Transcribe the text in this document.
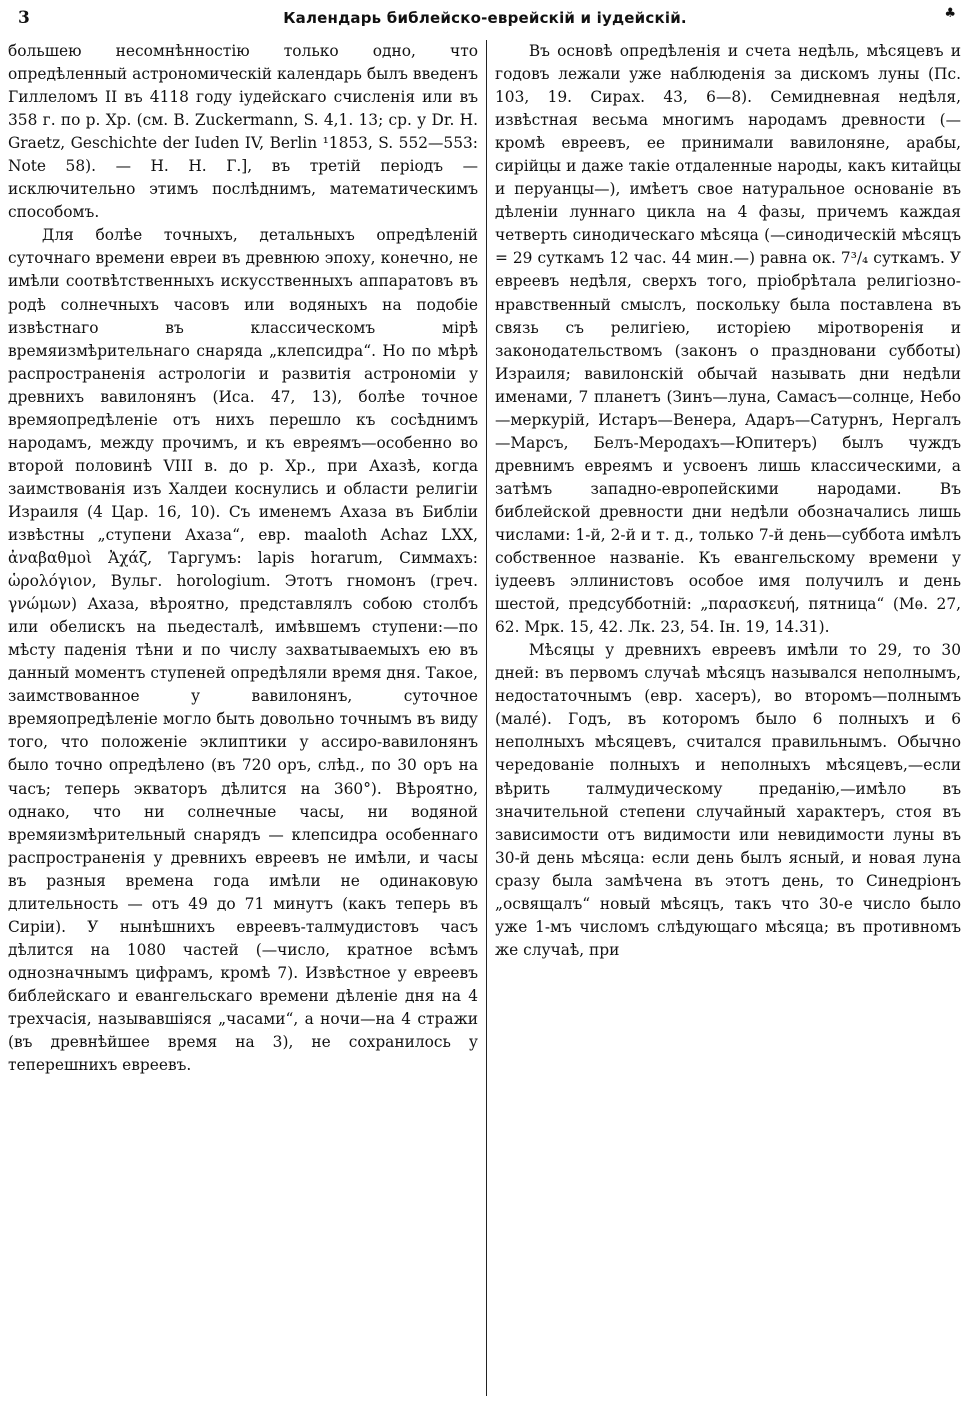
3	Календарь библейско-еврейскій и іудейскій.	♣

большею несомнѣнностію только одно, что опредѣленный астрономическій календарь былъ введенъ Гиллеломъ II въ 4118 году іудейскаго счисленія или въ 358 г. по р. Хр. (см. B. Zuckermann, S. 4,1. 13; ср. у Dr. H. Graetz, Geschichte der Iuden IV, Berlin ¹1853, S. 552—553: Note 58). — H. H. Г.], въ третій періодъ — исключительно этимъ послѣднимъ, математическимъ способомъ.

Для болѣе точныхъ, детальныхъ опредѣленій суточнаго времени евреи въ древнюю эпоху, конечно, не имѣли соотвѣтственныхъ искусственныхъ аппаратовъ въ родѣ солнечныхъ часовъ или водяныхъ на подобіе извѣстнаго въ классическомъ мірѣ времяизмѣрительнаго снаряда „клепсидра“. Но по мѣрѣ распространенія астрологіи и развитія астрономіи у древнихъ вавилонянъ (Иса. 47, 13), болѣе точное времяопредѣленіе отъ нихъ перешло къ сосѣднимъ народамъ, между прочимъ, и къ евреямъ—особенно во второй половинѣ VIII в. до р. Хр., при Ахазѣ, когда заимствованія изъ Халдеи коснулись и области религіи Израиля (4 Цар. 16, 10). Съ именемъ Ахаза въ Библіи извѣстны „ступени Ахаза“, евр. maaloth Achaz LXX, ἀναβαθμοὶ Ἀχάζ, Таргумъ: lapis horarum, Симмахъ: ὡρολόγιον, Вульг. horologium. Этотъ гномонъ (греч. γνώμων) Ахаза, вѣроятно, представлялъ собою столбъ или обелискъ на пьедесталѣ, имѣвшемъ ступени:—по мѣсту паденія тѣни и по числу захватываемыхъ ею въ данный моментъ ступеней опредѣляли время дня. Такое, заимствованное у вавилонянъ, суточное времяопредѣленіе могло быть довольно точнымъ въ виду того, что положеніе эклиптики у ассиро-вавилонянъ было точно опредѣлено (въ 720 оръ, слѣд., по 30 оръ на часъ; теперь экваторъ дѣлится на 360°). Вѣроятно, однако, что ни солнечные часы, ни водяной времяизмѣрительный снарядъ — клепсидра особеннаго распространенія у древнихъ евреевъ не имѣли, и часы въ разныя времена года имѣли не одинаковую длительность — отъ 49 до 71 минутъ (какъ теперь въ Сиріи). У нынѣшнихъ евреевъ-талмудистовъ часъ дѣлится на 1080 частей (—число, кратное всѣмъ однозначнымъ цифрамъ, кромѣ 7). Извѣстное у евреевъ библейскаго и евангельскаго времени дѣленіе дня на 4 трехчасія, называвшіяся „часами“, а ночи—на 4 стражи (въ древнѣйшее время на 3), не сохранилось у теперешнихъ евреевъ.

Въ основѣ опредѣленія и счета недѣль, мѣсяцевъ и годовъ лежали уже наблюденія за дискомъ луны (Пс. 103, 19. Сирах. 43, 6—8). Семидневная недѣля, извѣстная весьма многимъ народамъ древности (—кромѣ евреевъ, ее принимали вавилоняне, арабы, сирійцы и даже такіе отдаленные народы, какъ китайцы и перуанцы—), имѣетъ свое натуральное основаніе въ дѣленіи луннаго цикла на 4 фазы, причемъ каждая четверть синодическаго мѣсяца (—синодическій мѣсяцъ = 29 суткамъ 12 час. 44 мин.—) равна ок. 7³/₄ суткамъ. У евреевъ недѣля, сверхъ того, пріобрѣтала религіозно-нравственный смыслъ, поскольку была поставлена въ связь съ религіею, исторіею міротворенія и законодательствомъ (законъ о праздновани субботы) Израиля; вавилонскій обычай называть дни недѣли именами, 7 планетъ (Зинъ—луна, Самасъ—солнце, Небо—меркурій, Истаръ—Венера, Адаръ—Сатурнъ, Нергалъ—Марсъ, Белъ-Меродахъ—Юпитеръ) былъ чуждъ древнимъ евреямъ и усвоенъ лишь классическими, а затѣмъ западно-европейскими народами. Въ библейской древности дни недѣли обозначались лишь числами: 1-й, 2-й и т. д., только 7-й день—суббота имѣлъ собственное названіе. Къ евангельскому времени у іудеевъ эллинистовъ особое имя получилъ и день шестой, предсубботній: „παρασκευή, пятница“ (Мѳ. 27, 62. Мрк. 15, 42. Лк. 23, 54. Ін. 19, 14.31).

Мѣсяцы у древнихъ евреевъ имѣли то 29, то 30 дней: въ первомъ случаѣ мѣсяцъ назывался неполнымъ, недостаточнымъ (евр. хасеръ), во второмъ—полнымъ (малé). Годъ, въ которомъ было 6 полныхъ и 6 неполныхъ мѣсяцевъ, считался правильнымъ. Обычно чередованіе полныхъ и неполныхъ мѣсяцевъ,—если вѣрить талмудическому преданію,—имѣло въ значительной степени случайный характеръ, стоя въ зависимости отъ видимости или невидимости луны въ 30-й день мѣсяца: если день былъ ясный, и новая луна сразу была замѣчена въ этотъ день, то Синедріонъ „освящалъ“ новый мѣсяцъ, такъ что 30-е число было уже 1-мъ числомъ слѣдующаго мѣсяца; въ противномъ же случаѣ, при
